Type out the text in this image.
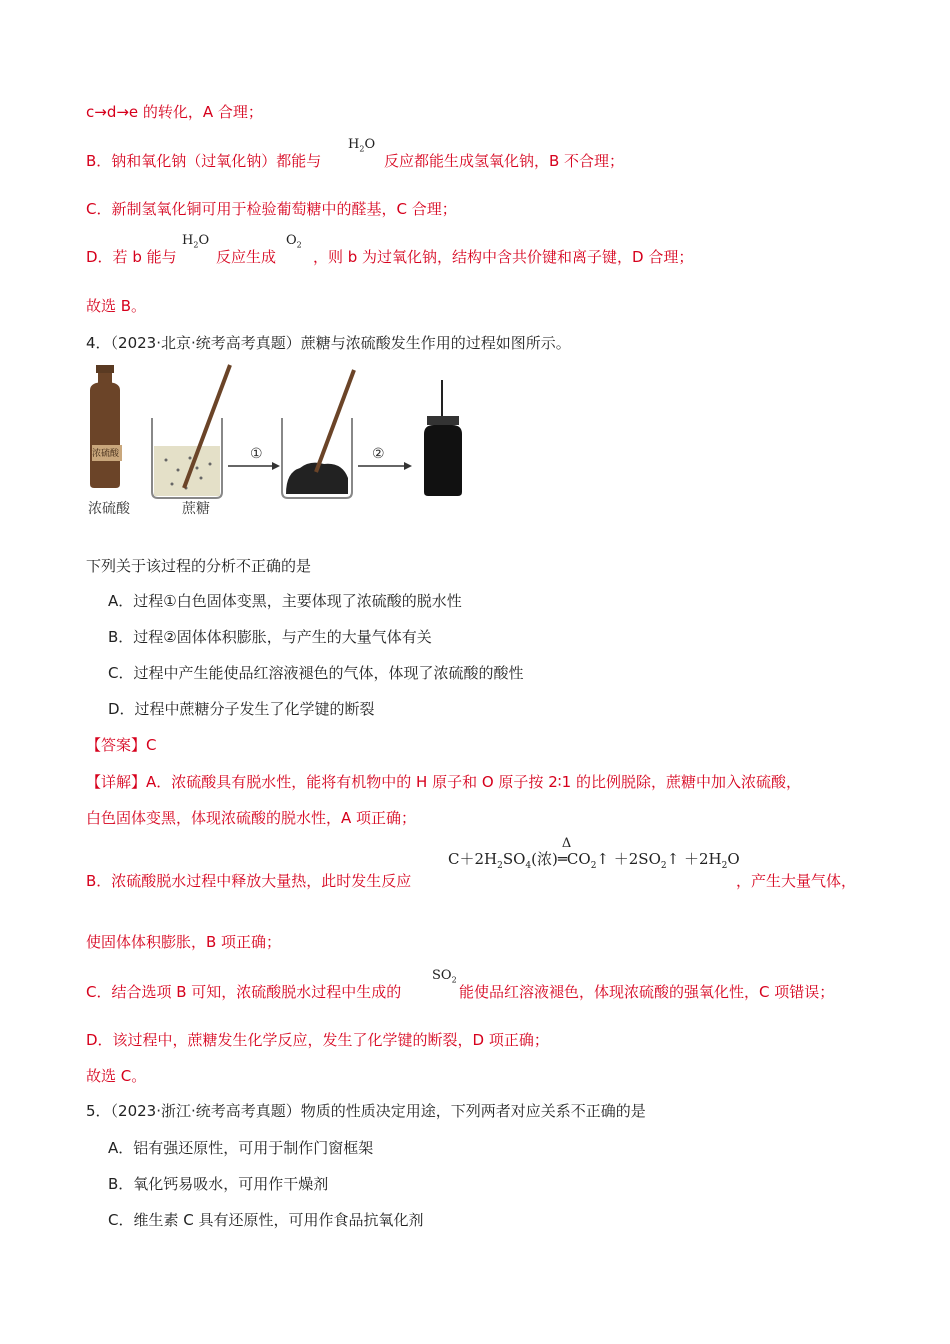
c→d→e 的转化，A 合理；
B．钠和氧化钠（过氧化钠）都能与
$H_2O$
反应都能生成氢氧化钠，B 不合理；
C．新制氢氧化铜可用于检验葡萄糖中的醛基，C 合理；
D．若 b 能与
$H_2O$
反应生成
$O_2$
，则 b 为过氧化钠，结构中含共价键和离子键，D 合理；
故选 B。
4．（2023·北京·统考高考真题）蔗糖与浓硫酸发生作用的过程如图所示。
浓硫酸	①	②
浓硫酸	蔗糖
下列关于该过程的分析不正确的是
A．过程①白色固体变黑，主要体现了浓硫酸的脱水性
B．过程②固体体积膨胀，与产生的大量气体有关
C．过程中产生能使品红溶液褪色的气体，体现了浓硫酸的酸性
D．过程中蔗糖分子发生了化学键的断裂
【答案】C
【详解】A．浓硫酸具有脱水性，能将有机物中的 H 原子和 O 原子按 2∶1 的比例脱除，蔗糖中加入浓硫酸，
白色固体变黑，体现浓硫酸的脱水性，A 项正确；
B．浓硫酸脱水过程中释放大量热，此时发生反应
$C+2H_2SO_4$(浓)
Δ
$═CO_2↑$ $+2SO_2↑ +2H_2O$
，产生大量气体，
使固体体积膨胀，B 项正确；
C．结合选项 B 可知，浓硫酸脱水过程中生成的
$SO_2$
能使品红溶液褪色，体现浓硫酸的强氧化性，C 项错误；
D．该过程中，蔗糖发生化学反应，发生了化学键的断裂，D 项正确；
故选 C。
5．（2023·浙江·统考高考真题）物质的性质决定用途，下列两者对应关系不正确的是
A．铝有强还原性，可用于制作门窗框架
B．氧化钙易吸水，可用作干燥剂
C．维生素 C 具有还原性，可用作食品抗氧化剂
